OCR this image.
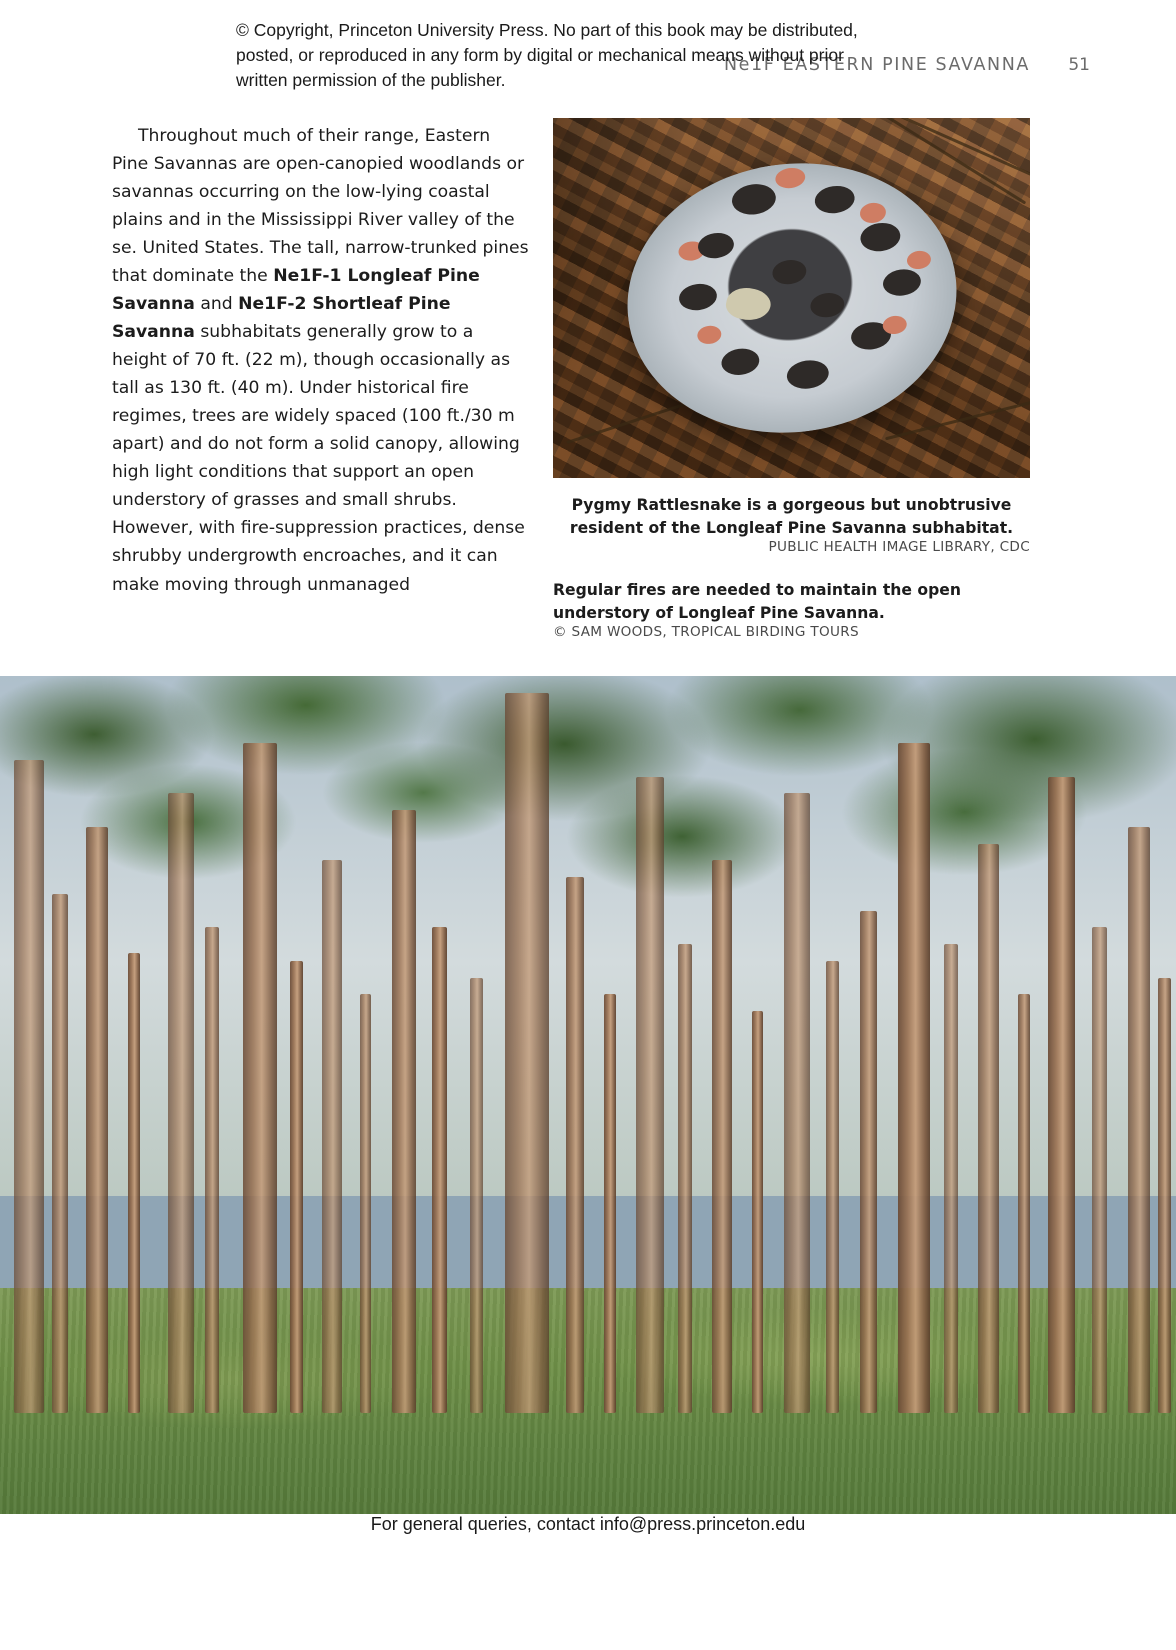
© Copyright, Princeton University Press. No part of this book may be distributed, posted, or reproduced in any form by digital or mechanical means without prior written permission of the publisher.
Ne1F EASTERN PINE SAVANNA 51

Throughout much of their range, Eastern Pine Savannas are open-canopied woodlands or savannas occurring on the low-lying coastal plains and in the Mississippi River valley of the se. United States. The tall, narrow-trunked pines that dominate the Ne1F-1 Longleaf Pine Savanna and Ne1F-2 Shortleaf Pine Savanna subhabitats generally grow to a height of 70 ft. (22 m), though occasionally as tall as 130 ft. (40 m). Under historical fire regimes, trees are widely spaced (100 ft./30 m apart) and do not form a solid canopy, allowing high light conditions that support an open understory of grasses and small shrubs. However, with fire-suppression practices, dense shrubby undergrowth encroaches, and it can make moving through unmanaged

Pygmy Rattlesnake is a gorgeous but unobtrusive resident of the Longleaf Pine Savanna subhabitat.

PUBLIC HEALTH IMAGE LIBRARY, CDC

Regular fires are needed to maintain the open understory of Longleaf Pine Savanna.

© SAM WOODS, TROPICAL BIRDING TOURS

For general queries, contact info@press.princeton.edu
